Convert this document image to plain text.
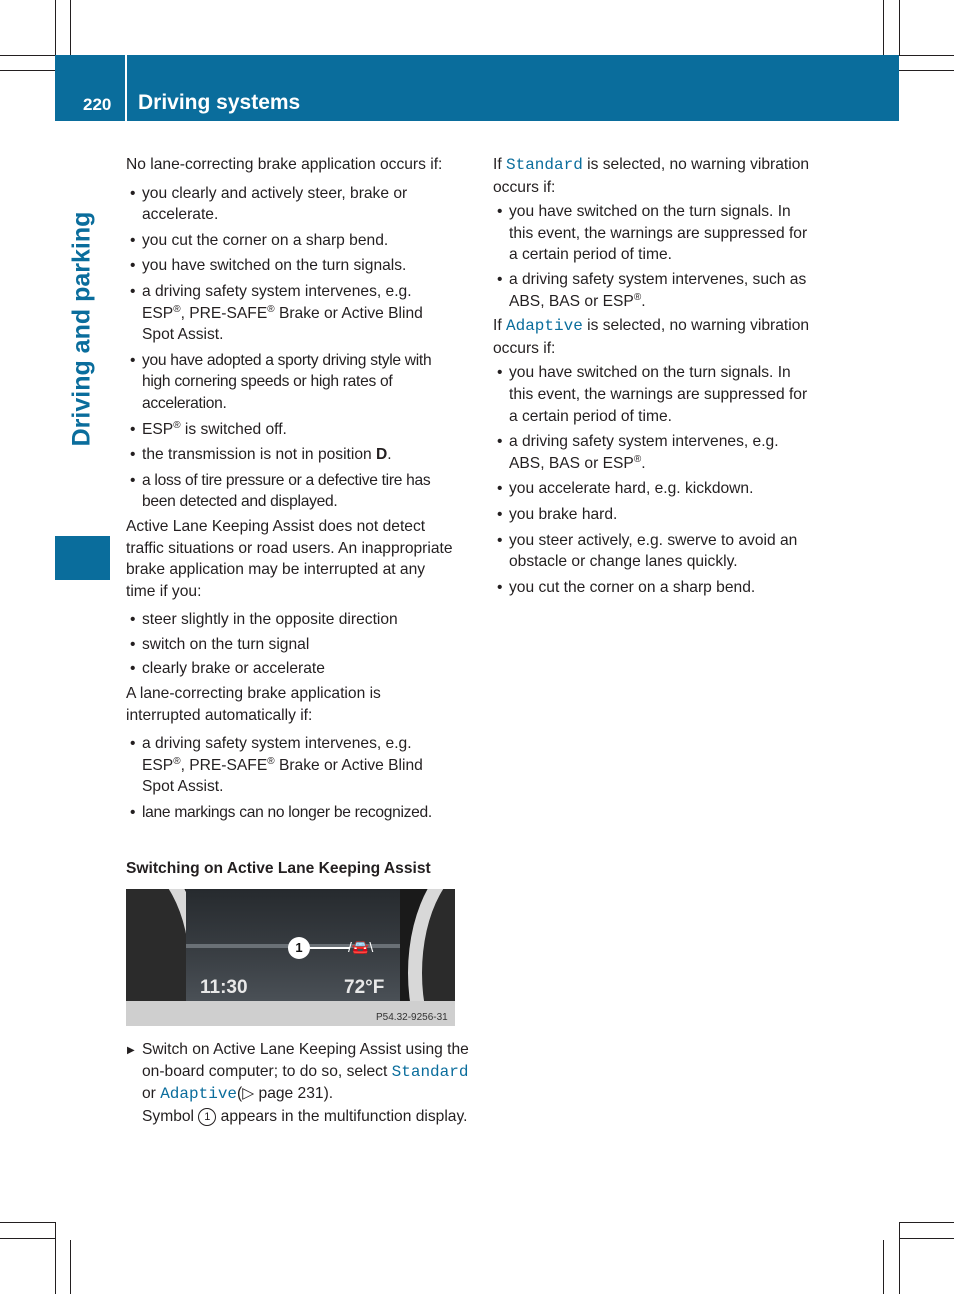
220 Driving systems
Driving and parking

No lane-correcting brake application occurs if:

• you clearly and actively steer, brake or accelerate.
• you cut the corner on a sharp bend.
• you have switched on the turn signals.
• a driving safety system intervenes, e.g. ESP®, PRE-SAFE® Brake or Active Blind Spot Assist.
• you have adopted a sporty driving style with high cornering speeds or high rates of acceleration.
• ESP® is switched off.
• the transmission is not in position D.
• a loss of tire pressure or a defective tire has been detected and displayed.

Active Lane Keeping Assist does not detect traffic situations or road users. An inappropriate brake application may be interrupted at any time if you:

• steer slightly in the opposite direction
• switch on the turn signal
• clearly brake or accelerate

A lane-correcting brake application is interrupted automatically if:

• a driving safety system intervenes, e.g. ESP®, PRE-SAFE® Brake or Active Blind Spot Assist.
• lane markings can no longer be recognized.
Switching on Active Lane Keeping Assist
1	/🚘\
11:30	72°F
P54.32-9256-31
▶ Switch on Active Lane Keeping Assist using the on-board computer; to do so, select Standard or Adaptive(▷ page 231).
Symbol 1 appears in the multifunction display.

If Standard is selected, no warning vibration occurs if:

• you have switched on the turn signals. In this event, the warnings are suppressed for a certain period of time.
• a driving safety system intervenes, such as ABS, BAS or ESP®.

If Adaptive is selected, no warning vibration occurs if:

• you have switched on the turn signals. In this event, the warnings are suppressed for a certain period of time.
• a driving safety system intervenes, e.g. ABS, BAS or ESP®.
• you accelerate hard, e.g. kickdown.
• you brake hard.
• you steer actively, e.g. swerve to avoid an obstacle or change lanes quickly.
• you cut the corner on a sharp bend.
